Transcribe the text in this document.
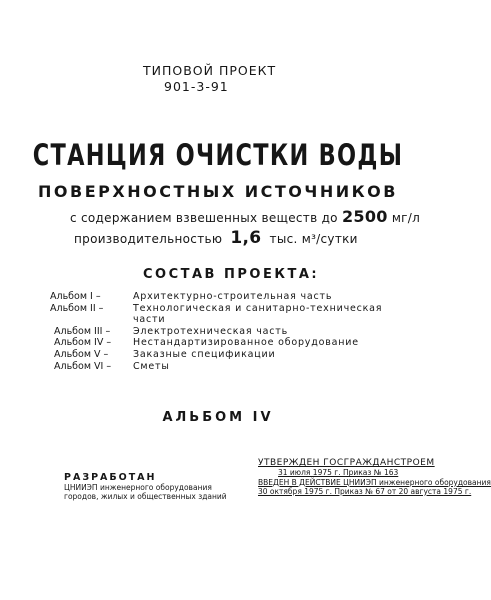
ТИПОВОЙ ПРОЕКТ
901-3-91
СТАНЦИЯ ОЧИСТКИ ВОДЫ
ПОВЕРХНОСТНЫХ ИСТОЧНИКОВ
с содержанием взвешенных веществ до 2500 мг/л
производительностью 1,6 тыс. м³/сутки
СОСТАВ ПРОЕКТА:
Альбом I –	Архитектурно-строительная часть
Альбом II –	Технологическая и санитарно-техническая
части
Альбом III –	Электротехническая часть
Альбом IV –	Нестандартизированное оборудование
Альбом V –	Заказные спецификации
Альбом VI –	Сметы
АЛЬБОМ IV
РАЗРАБОТАН
ЦНИИЭП инженерного оборудования
городов, жилых и общественных зданий
УТВЕРЖДЕН ГОСГРАЖДАНСТРОЕМ
31 июля 1975 г. Приказ № 163
ВВЕДЕН В ДЕЙСТВИЕ ЦНИИЭП инженерного оборудования
30 октября 1975 г. Приказ № 67 от 20 августа 1975 г.
